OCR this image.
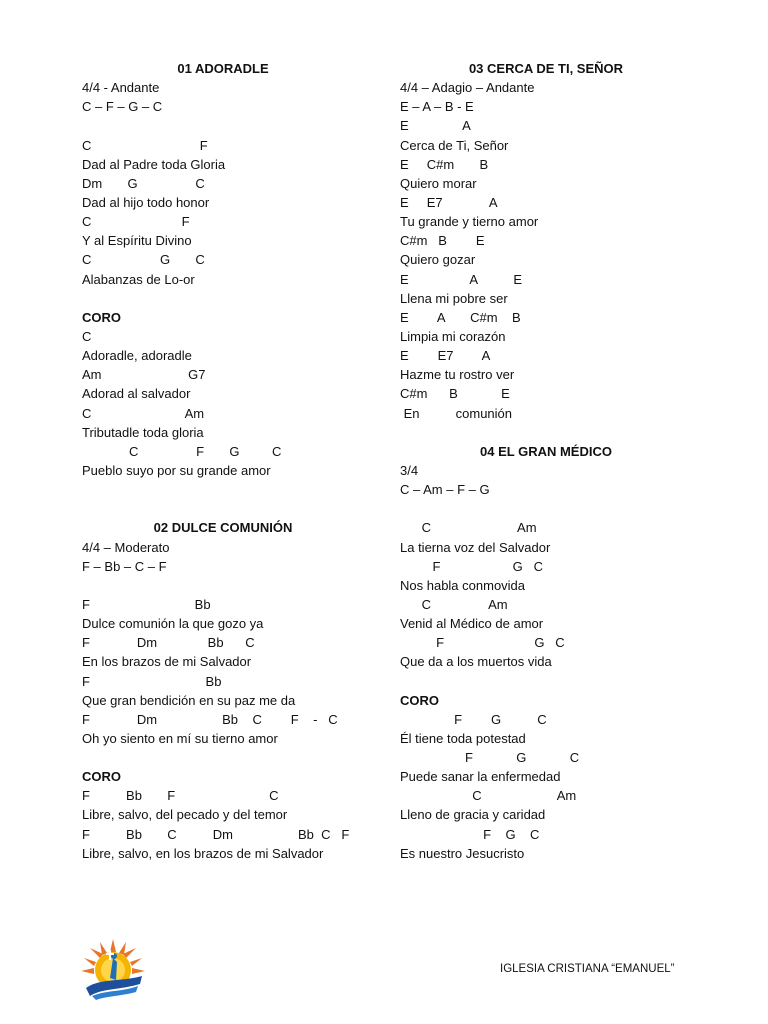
01 ADORADLE
4/4 - Andante
C – F – G – C
C                              F
Dad al Padre toda Gloria
Dm       G                C
Dad al hijo todo honor
C                         F
Y al Espíritu Divino
C                   G       C
Alabanzas de Lo-or
CORO
C
Adoradle, adoradle
Am                        G7
Adorad al salvador
C                          Am
Tributadle toda gloria
C                F       G         C
Pueblo suyo por su grande amor
02 DULCE COMUNIÓN
4/4 – Moderato
F – Bb – C – F
F                             Bb
Dulce comunión la que gozo ya
F             Dm              Bb      C
En los brazos de mi Salvador
F                                Bb
Que gran bendición en su paz me da
F             Dm                  Bb    C        F    -   C
Oh yo siento en mí su tierno amor
CORO
F          Bb       F                          C
Libre, salvo, del pecado y del temor
F          Bb       C          Dm                  Bb  C   F
Libre, salvo, en los brazos de mi Salvador
03 CERCA DE TI, SEÑOR
4/4 – Adagio – Andante
E – A – B - E
E               A
Cerca de Ti, Señor
E     C#m       B
Quiero morar
E     E7             A
Tu grande y tierno amor
C#m   B        E
Quiero gozar
E                 A          E
Llena mi pobre ser
E        A       C#m    B
Limpia mi corazón
E        E7        A
Hazme tu rostro ver
C#m      B            E
En          comunión
04 EL GRAN MÉDICO
3/4
C – Am – F – G
C                        Am
La tierna voz del Salvador
F                    G   C
Nos habla conmovida
C                Am
Venid al Médico de amor
F                         G   C
Que da a los muertos vida
CORO
F        G          C
Él tiene toda potestad
F            G            C
Puede sanar la enfermedad
C                     Am
Lleno de gracia y caridad
F    G    C
Es nuestro Jesucristo
IGLESIA CRISTIANA “EMANUEL”
